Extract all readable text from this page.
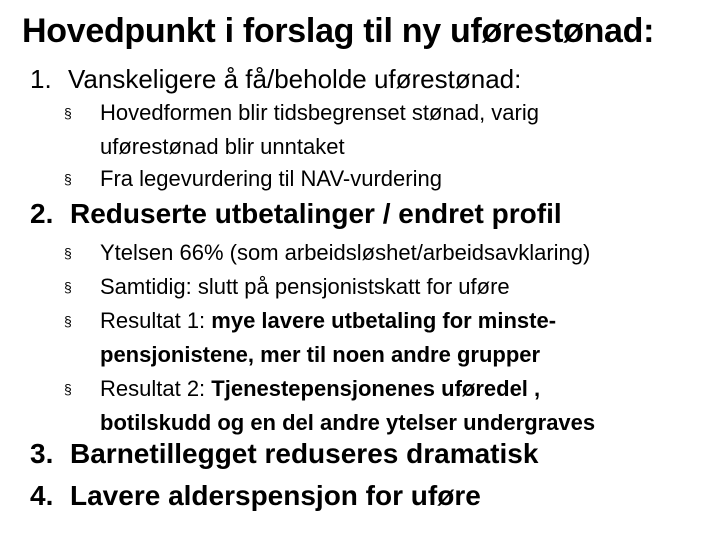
Hovedpunkt i forslag til ny uførestønad:
1. Vanskeligere å få/beholde uførestønad:
§ Hovedformen blir tidsbegrenset stønad, varig
uførestønad blir unntaket
§ Fra legevurdering til NAV-vurdering
2. Reduserte utbetalinger / endret profil
§ Ytelsen 66% (som arbeidsløshet/arbeidsavklaring)
§ Samtidig: slutt på pensjonistskatt for uføre
§ Resultat 1: mye lavere utbetaling for minste-
pensjonistene, mer til noen andre grupper
§ Resultat 2: Tjenestepensjonenes uføredel ,
botilskudd og en del andre ytelser undergraves
3. Barnetillegget reduseres dramatisk
4. Lavere alderspensjon for uføre
